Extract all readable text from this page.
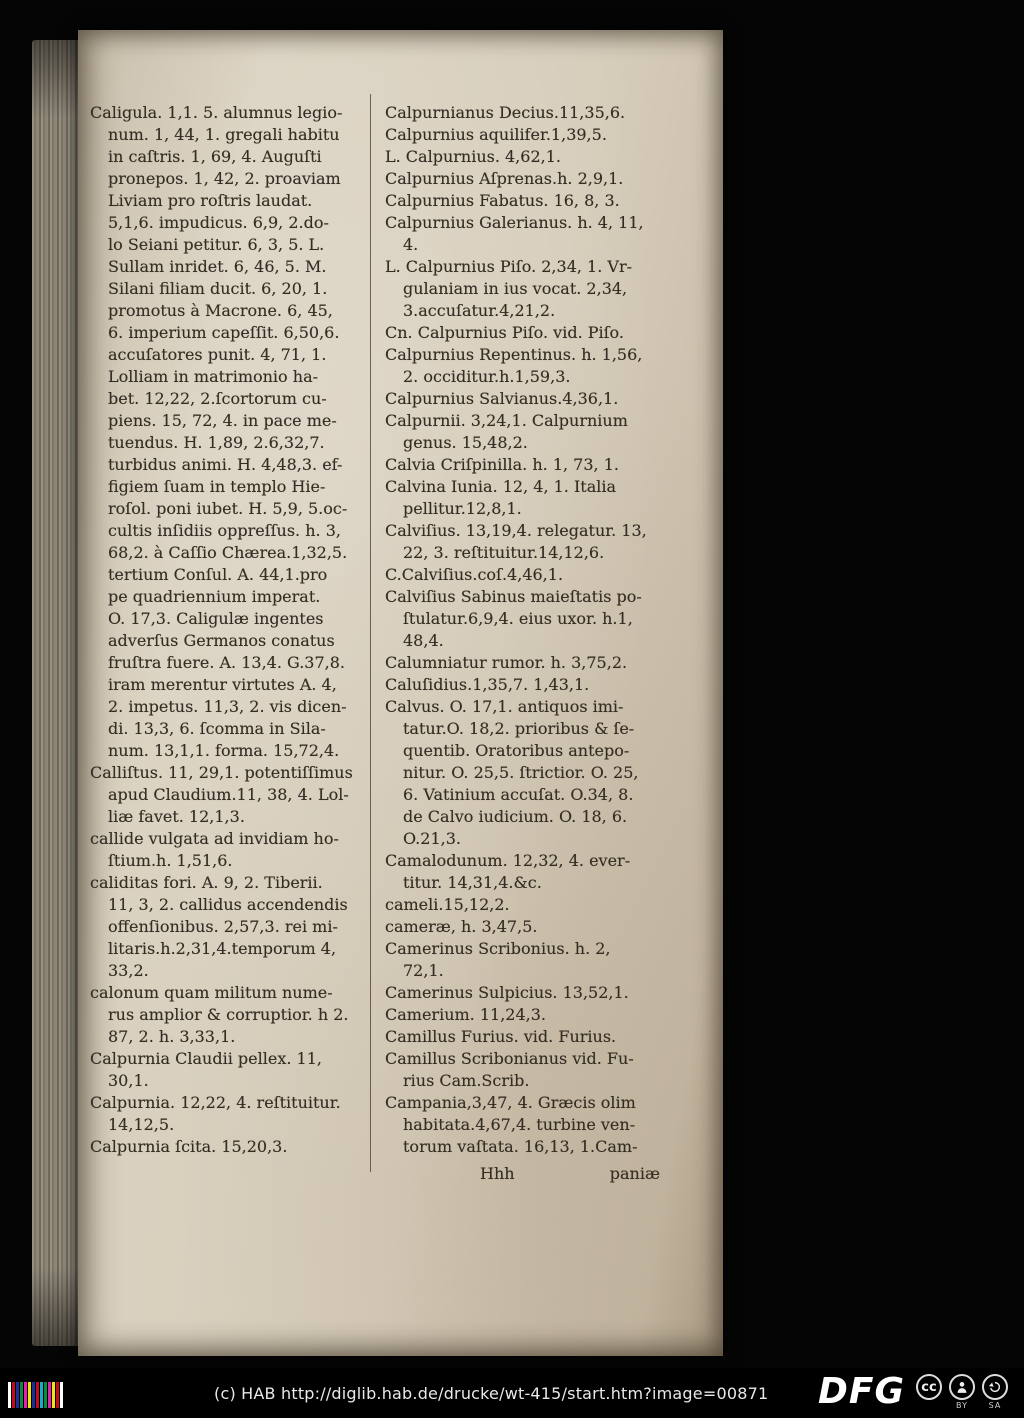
Caligula. 1,1. 5. alumnus legio-
num. 1, 44, 1. gregali habitu
in caſtris. 1, 69, 4. Auguſti
pronepos. 1, 42, 2. proaviam
Liviam pro roſtris laudat.
5,1,6. impudicus. 6,9, 2.do-
lo Seiani petitur. 6, 3, 5. L.
Sullam inridet. 6, 46, 5. M.
Silani filiam ducit. 6, 20, 1.
promotus à Macrone. 6, 45,
6. imperium capeſſit. 6,50,6.
accuſatores punit. 4, 71, 1.
Lolliam in matrimonio ha-
bet. 12,22, 2.ſcortorum cu-
piens. 15, 72, 4. in pace me-
tuendus. H. 1,89, 2.6,32,7.
turbidus animi. H. 4,48,3. ef-
figiem ſuam in templo Hie-
roſol. poni iubet. H. 5,9, 5.oc-
cultis inſidiis oppreſſus. h. 3,
68,2. à Caſſio Chærea.1,32,5.
tertium Conſul. A. 44,1.pro
pe quadriennium imperat.
O. 17,3. Caligulæ ingentes
adverſus Germanos conatus
fruſtra fuere. A. 13,4. G.37,8.
iram merentur virtutes A. 4,
2. impetus. 11,3, 2. vis dicen-
di. 13,3, 6. ſcomma in Sila-
num. 13,1,1. forma. 15,72,4.
Calliſtus. 11, 29,1. potentiſſimus
apud Claudium.11, 38, 4. Lol-
liæ favet. 12,1,3.
callide vulgata ad invidiam ho-
ſtium.h. 1,51,6.
caliditas fori. A. 9, 2. Tiberii.
11, 3, 2. callidus accendendis
offenſionibus. 2,57,3. rei mi-
litaris.h.2,31,4.temporum 4,
33,2.
calonum quam militum nume-
rus amplior & corruptior. h 2.
87, 2. h. 3,33,1.
Calpurnia Claudii pellex. 11,
30,1.
Calpurnia. 12,22, 4. reſtituitur.
14,12,5.
Calpurnia ſcita. 15,20,3.
Calpurnianus Decius.11,35,6.
Calpurnius aquilifer.1,39,5.
L. Calpurnius. 4,62,1.
Calpurnius Aſprenas.h. 2,9,1.
Calpurnius Fabatus. 16, 8, 3.
Calpurnius Galerianus. h. 4, 11,
4.
L. Calpurnius Piſo. 2,34, 1. Vr-
gulaniam in ius vocat. 2,34,
3.accuſatur.4,21,2.
Cn. Calpurnius Piſo. vid. Piſo.
Calpurnius Repentinus. h. 1,56,
2. occiditur.h.1,59,3.
Calpurnius Salvianus.4,36,1.
Calpurnii. 3,24,1. Calpurnium
genus. 15,48,2.
Calvia Criſpinilla. h. 1, 73, 1.
Calvina Iunia. 12, 4, 1. Italia
pellitur.12,8,1.
Calviſius. 13,19,4. relegatur. 13,
22, 3. reſtituitur.14,12,6.
C.Calviſius.coſ.4,46,1.
Calviſius Sabinus maieſtatis po-
ſtulatur.6,9,4. eius uxor. h.1,
48,4.
Calumniatur rumor. h. 3,75,2.
Caluſidius.1,35,7. 1,43,1.
Calvus. O. 17,1. antiquos imi-
tatur.O. 18,2. prioribus & ſe-
quentib. Oratoribus antepo-
nitur. O. 25,5. ſtrictior. O. 25,
6. Vatinium accuſat. O.34, 8.
de Calvo iudicium. O. 18, 6.
O.21,3.
Camalodunum. 12,32, 4. ever-
titur. 14,31,4.&c.
cameli.15,12,2.
cameræ, h. 3,47,5.
Camerinus Scribonius. h. 2,
72,1.
Camerinus Sulpicius. 13,52,1.
Camerium. 11,24,3.
Camillus Furius. vid. Furius.
Camillus Scribonianus vid. Fu-
rius Cam.Scrib.
Campania,3,47, 4. Græcis olim
habitata.4,67,4. turbine ven-
torum vaſtata. 16,13, 1.Cam-
Hhh	paniæ
(c) HAB http://diglib.hab.de/drucke/wt-415/start.htm?image=00871 DFG cc
BY	SA
